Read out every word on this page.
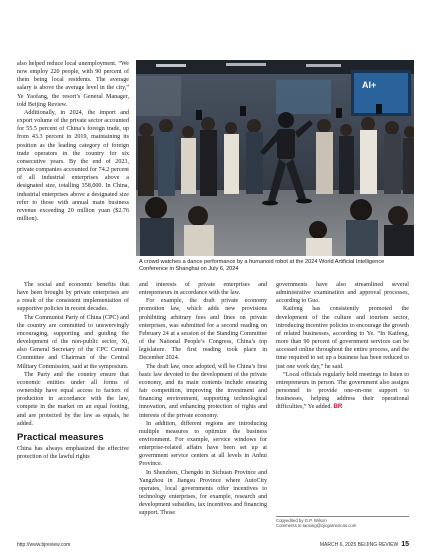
also helped reduce local unemployment. “We now employ 220 people, with 90 percent of them being local residents. The average salary is above the average level in the city,” Ye Yaofang, the resort’s General Manager, told Beijing Review.

Additionally, in 2024, the import and export volume of the private sector accounted for 55.5 percent of China’s foreign trade, up from 43.3 percent in 2019, maintaining its position as the leading category of foreign trade operators in the country for six consecutive years. By the end of 2023, private companies accounted for 74.2 percent of all industrial enterprises above a designated size, totalling 358,000. In China, industrial enterprises above a designated size refer to those with annual main business revenue exceeding 20 million yuan ($2.76 million).

The social and economic benefits that have been brought by private enterprises are a result of the consistent implementation of supportive policies in recent decades.

The Communist Party of China (CPC) and the country are committed to unswervingly encouraging, supporting and guiding the development of the non-public sector, Xi, also General Secretary of the CPC Central Committee and Chairman of the Central Military Commission, said at the symposium.

The Party and the country ensure that economic entities under all forms of ownership have equal access to factors of production in accordance with the law, compete in the market on an equal footing, and are protected by the law as equals, he added.

Practical measures

China has always emphasized the effective protection of the lawful rights

AI+
A crowd watches a dance performance by a humanoid robot at the 2024 World Artificial Intelligence Conference in Shanghai on July 6, 2024

and interests of private enterprises and entrepreneurs in accordance with the law.

For example, the draft private economy promotion law, which adds new provisions prohibiting arbitrary fees and fines on private enterprises, was submitted for a second reading on February 24 at a session of the Standing Committee of the National People’s Congress, China’s top legislature. The first reading took place in December 2024.

The draft law, once adopted, will be China’s first basic law devoted to the development of the private economy, and its main contents include ensuring fair competition, improving the investment and financing environment, supporting technological innovation, and enhancing protection of rights and interests of the private economy.

In addition, different regions are introducing multiple measures to optimize the business environment. For example, service windows for enterprise-related affairs have been set up at government service centers at all levels in Anhui Province.

In Shenzhen, Chengdu in Sichuan Province and Yangzhou in Jiangsu Province where AutoCity operates, local governments offer incentives to technology enterprises, for example, research and development subsidies, tax incentives and financing support. Those

governments have also streamlined several administrative examination and approval processes, according to Guo.

Kaifeng has consistently promoted the development of the culture and tourism sector, introducing incentive policies to encourage the growth of related businesses, according to Ye. “In Kaifeng, more than 90 percent of government services can be accessed online throughout the entire process, and the time required to set up a business has been reduced to just one work day,” he said.

“Local officials regularly hold meetings to listen to entrepreneurs in person. The government also assigns personnel to provide one-on-one support to businesses, helping address their operational difficulties,” Ye added. BR

Copyedited by G.P. Wilson
Comments to taoxing@cjicgamericas.com
http://www.bjreview.com	MARCH 6, 2025 BEIJING REVIEW 15
